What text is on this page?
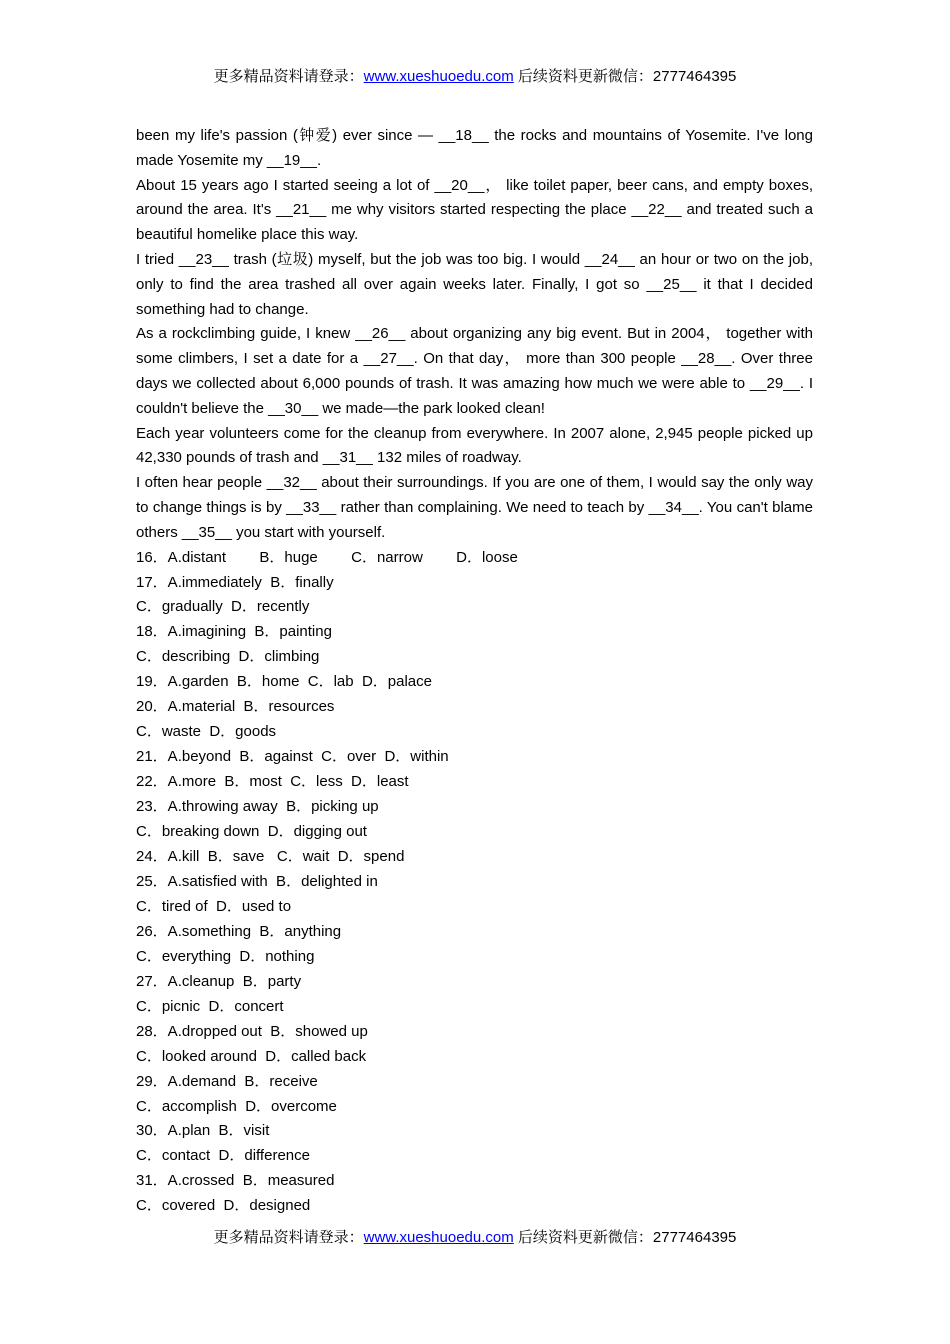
更多精品资料请登录：www.xueshuoedu.com 后续资料更新微信：2777464395

been my life's passion (钟爱) ever since — __18__ the rocks and mountains of Yosemite. I've long made Yosemite my __19__.

About 15 years ago I started seeing a lot of __20__， like toilet paper, beer cans, and empty boxes, around the area. It's __21__ me why visitors started respecting the place __22__ and treated such a beautiful homelike place this way.

I tried __23__ trash (垃圾) myself, but the job was too big. I would __24__ an hour or two on the job, only to find the area trashed all over again weeks later. Finally, I got so __25__ it that I decided something had to change.

As a rockclimbing guide, I knew __26__ about organizing any big event. But in 2004， together with some climbers, I set a date for a __27__. On that day， more than 300 people __28__. Over three days we collected about 6,000 pounds of trash. It was amazing how much we were able to __29__. I couldn't believe the __30__ we made—the park looked clean!

Each year volunteers come for the cleanup from everywhere. In 2007 alone, 2,945 people picked up 42,330 pounds of trash and __31__ 132 miles of roadway.

I often hear people __32__ about their surroundings. If you are one of them, I would say the only way to change things is by __33__ rather than complaining. We need to teach by __34__. You can't blame others __35__ you start with yourself.

16．A.distant        B．huge        C．narrow        D．loose
17．A.immediately  B．finally
C．gradually  D．recently
18．A.imagining  B．painting
C．describing  D．climbing
19．A.garden  B．home  C．lab  D．palace
20．A.material  B．resources
C．waste  D．goods
21．A.beyond  B．against  C．over  D．within
22．A.more  B．most  C．less  D．least
23．A.throwing away  B．picking up
C．breaking down  D．digging out
24．A.kill  B．save   C．wait  D．spend
25．A.satisfied with  B．delighted in
C．tired of  D．used to
26．A.something  B．anything
C．everything  D．nothing
27．A.cleanup  B．party
C．picnic  D．concert
28．A.dropped out  B．showed up
C．looked around  D．called back
29．A.demand  B．receive
C．accomplish  D．overcome
30．A.plan  B．visit
C．contact  D．difference
31．A.crossed  B．measured
C．covered  D．designed
更多精品资料请登录：www.xueshuoedu.com 后续资料更新微信：2777464395
